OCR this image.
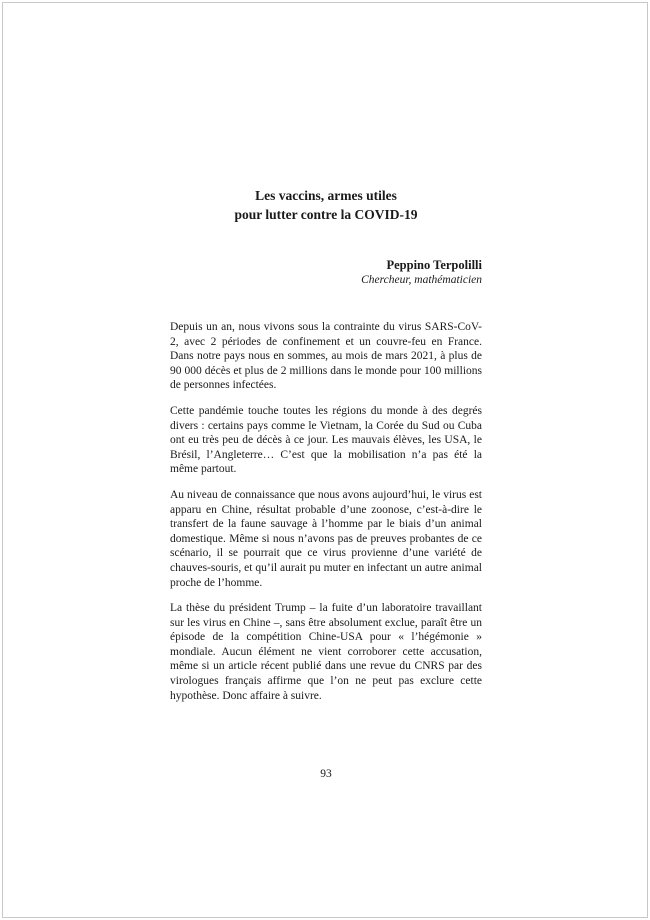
Les vaccins, armes utiles
pour lutter contre la COVID-19
Peppino Terpolilli
Chercheur, mathématicien

Depuis un an, nous vivons sous la contrainte du virus SARS-CoV-2, avec 2 périodes de confinement et un couvre-feu en France. Dans notre pays nous en sommes, au mois de mars 2021, à plus de 90 000 décès et plus de 2 millions dans le monde pour 100 millions de personnes infectées.

Cette pandémie touche toutes les régions du monde à des degrés divers : certains pays comme le Vietnam, la Corée du Sud ou Cuba ont eu très peu de décès à ce jour. Les mauvais élèves, les USA, le Brésil, l’Angleterre… C’est que la mobilisation n’a pas été la même partout.

Au niveau de connaissance que nous avons aujourd’hui, le virus est apparu en Chine, résultat probable d’une zoonose, c’est-à-dire le transfert de la faune sauvage à l’homme par le biais d’un animal domestique. Même si nous n’avons pas de preuves probantes de ce scénario, il se pourrait que ce virus provienne d’une variété de chauves-souris, et qu’il aurait pu muter en infectant un autre animal proche de l’homme.

La thèse du président Trump – la fuite d’un laboratoire travaillant sur les virus en Chine –, sans être absolument exclue, paraît être un épisode de la compétition Chine-USA pour « l’hégémonie » mondiale. Aucun élément ne vient corroborer cette accusation, même si un article récent publié dans une revue du CNRS par des virologues français affirme que l’on ne peut pas exclure cette hypothèse. Donc affaire à suivre.

93
